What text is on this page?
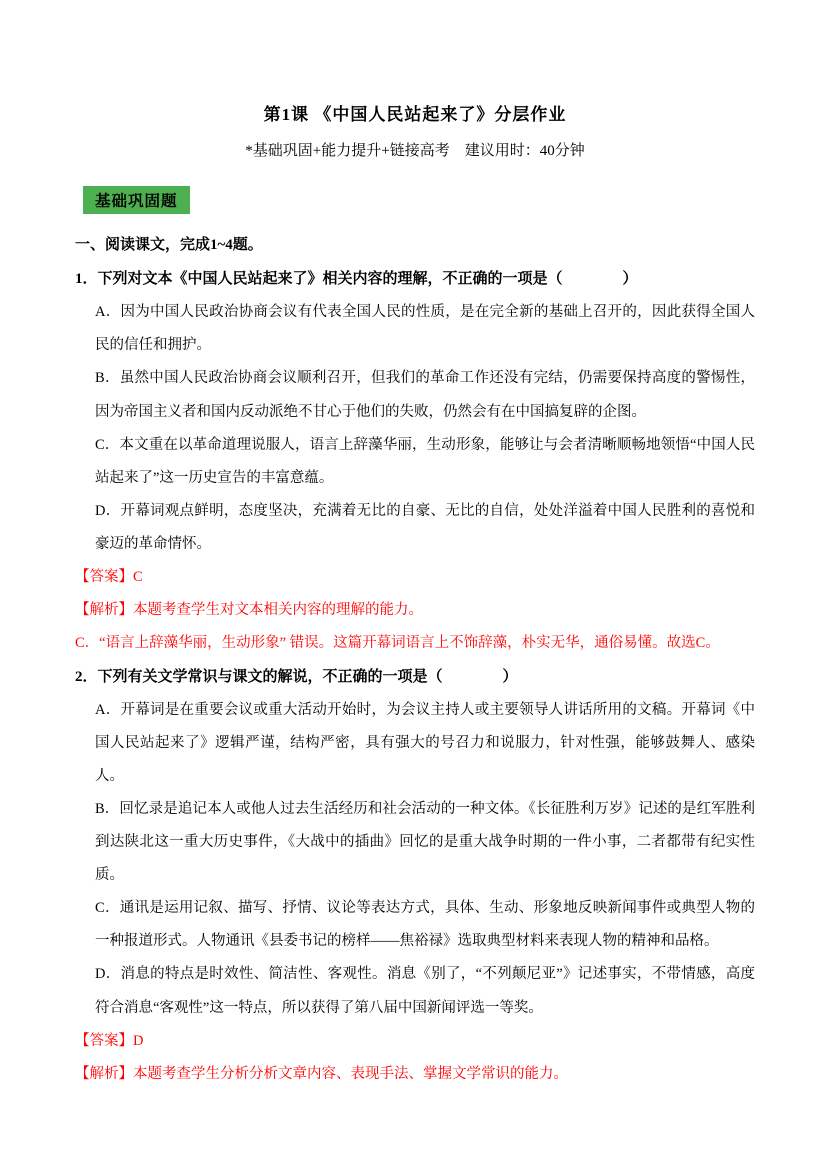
第1课 《中国人民站起来了》分层作业
*基础巩固+能力提升+链接高考　建议用时：40分钟
基础巩固题

一、阅读课文，完成1~4题。

1．下列对文本《中国人民站起来了》相关内容的理解，不正确的一项是（　　　　）

A．因为中国人民政治协商会议有代表全国人民的性质，是在完全新的基础上召开的，因此获得全国人民的信任和拥护。

B．虽然中国人民政治协商会议顺利召开，但我们的革命工作还没有完结，仍需要保持高度的警惕性，因为帝国主义者和国内反动派绝不甘心于他们的失败，仍然会有在中国搞复辟的企图。

C．本文重在以革命道理说服人，语言上辞藻华丽，生动形象，能够让与会者清晰顺畅地领悟“中国人民站起来了”这一历史宣告的丰富意蕴。

D．开幕词观点鲜明，态度坚决，充满着无比的自豪、无比的自信，处处洋溢着中国人民胜利的喜悦和豪迈的革命情怀。

【答案】C

【解析】本题考查学生对文本相关内容的理解的能力。

C．“语言上辞藻华丽，生动形象” 错误。这篇开幕词语言上不饰辞藻，朴实无华，通俗易懂。故选C。

2．下列有关文学常识与课文的解说，不正确的一项是（　　　　）

A．开幕词是在重要会议或重大活动开始时，为会议主持人或主要领导人讲话所用的文稿。开幕词《中国人民站起来了》逻辑严谨，结构严密，具有强大的号召力和说服力，针对性强，能够鼓舞人、感染人。

B．回忆录是追记本人或他人过去生活经历和社会活动的一种文体。《长征胜利万岁》记述的是红军胜利到达陕北这一重大历史事件，《大战中的插曲》回忆的是重大战争时期的一件小事，二者都带有纪实性质。

C．通讯是运用记叙、描写、抒情、议论等表达方式，具体、生动、形象地反映新闻事件或典型人物的一种报道形式。人物通讯《县委书记的榜样——焦裕禄》选取典型材料来表现人物的精神和品格。

D．消息的特点是时效性、简洁性、客观性。消息《别了，“不列颠尼亚”》记述事实，不带情感，高度符合消息“客观性”这一特点，所以获得了第八届中国新闻评选一等奖。

【答案】D

【解析】本题考查学生分析分析文章内容、表现手法、掌握文学常识的能力。
